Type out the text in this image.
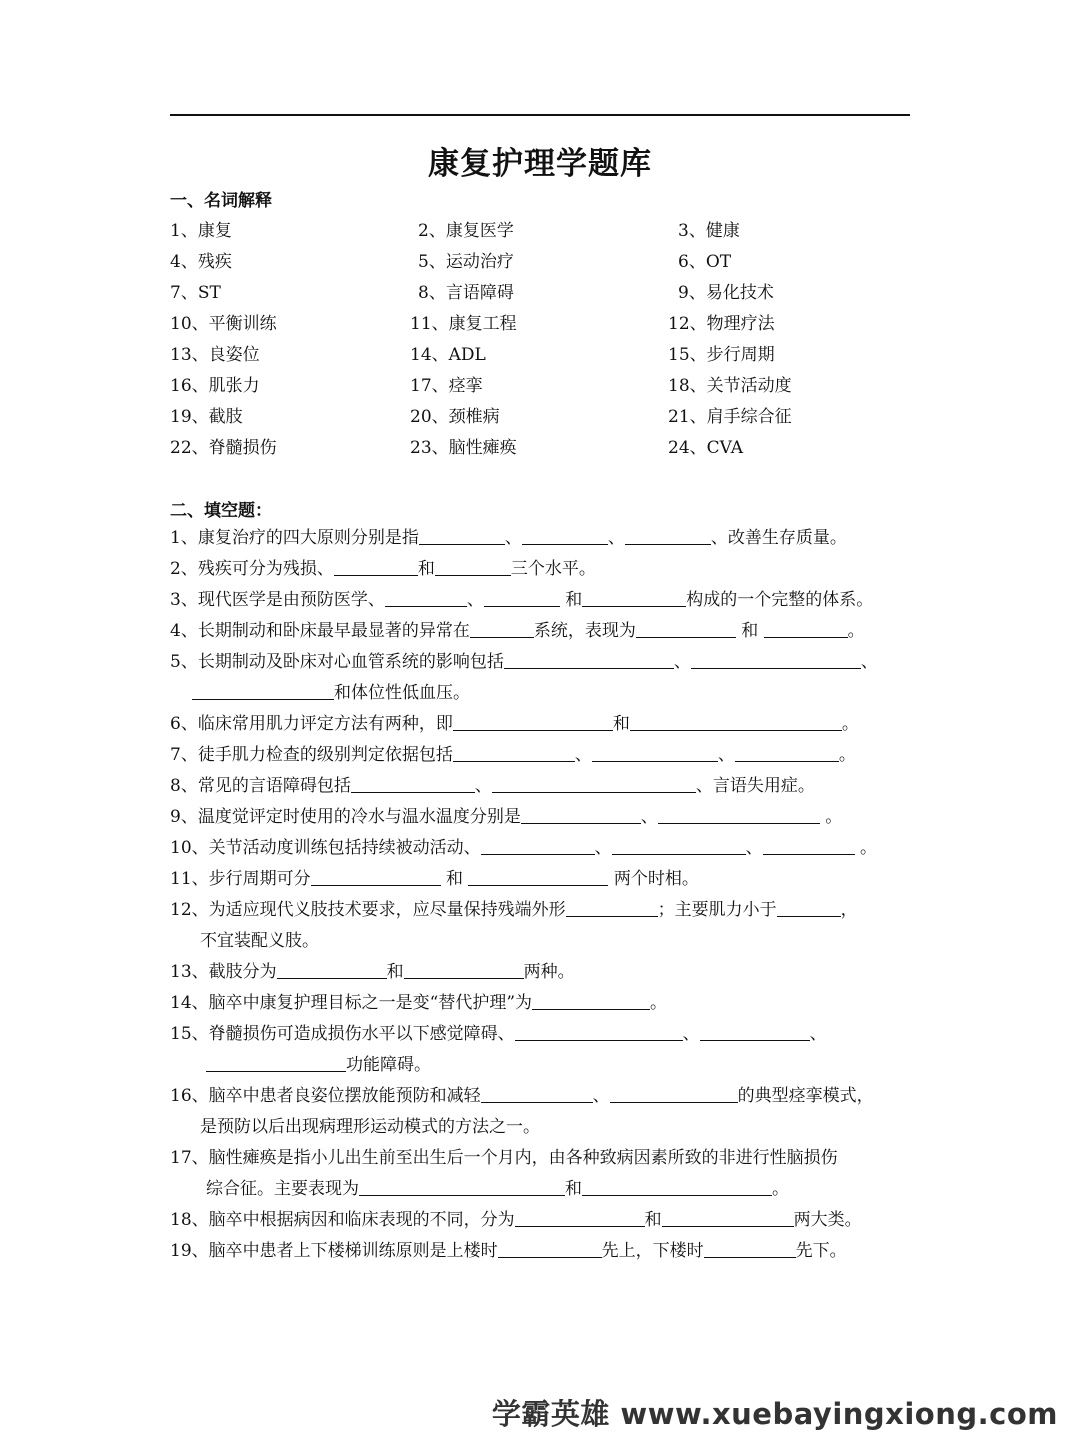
康复护理学题库
一、名词解释
1、康复	2、康复医学	3、健康
4、残疾	5、运动治疗	6、OT
7、ST	8、言语障碍	9、易化技术
10、平衡训练	11、康复工程	12、物理疗法
13、良姿位	14、ADL	15、步行周期
16、肌张力	17、痉挛	18、关节活动度
19、截肢	20、颈椎病	21、肩手综合征
22、脊髓损伤	23、脑性瘫痪	24、CVA
二、填空题：
1、康复治疗的四大原则分别是指	、	、	、改善生存质量。
2、残疾可分为残损、	和	三个水平。
3、现代医学是由预防医学、	、	和	构成的一个完整的体系。
4、长期制动和卧床最早最显著的异常在	系统，表现为	和	。
5、长期制动及卧床对心血管系统的影响包括	、	、
和体位性低血压。
6、临床常用肌力评定方法有两种，即	和	。
7、徒手肌力检查的级别判定依据包括	、	、	。
8、常见的言语障碍包括	、	、言语失用症。
9、温度觉评定时使用的冷水与温水温度分别是	、	。
10、关节活动度训练包括持续被动活动、	、	、	。
11、步行周期可分	和	两个时相。
12、为适应现代义肢技术要求，应尽量保持残端外形	；主要肌力小于	，
不宜装配义肢。
13、截肢分为	和	两种。
14、脑卒中康复护理目标之一是变“替代护理”为	。
15、脊髓损伤可造成损伤水平以下感觉障碍、	、	、
功能障碍。
16、脑卒中患者良姿位摆放能预防和减轻	、	的典型痉挛模式，
是预防以后出现病理形运动模式的方法之一。
17、脑性瘫痪是指小儿出生前至出生后一个月内，由各种致病因素所致的非进行性脑损伤
综合征。主要表现为	和	。
18、脑卒中根据病因和临床表现的不同，分为	和	两大类。
19、脑卒中患者上下楼梯训练原则是上楼时	先上，下楼时	先下。
学霸英雄 www.xuebayingxiong.com
